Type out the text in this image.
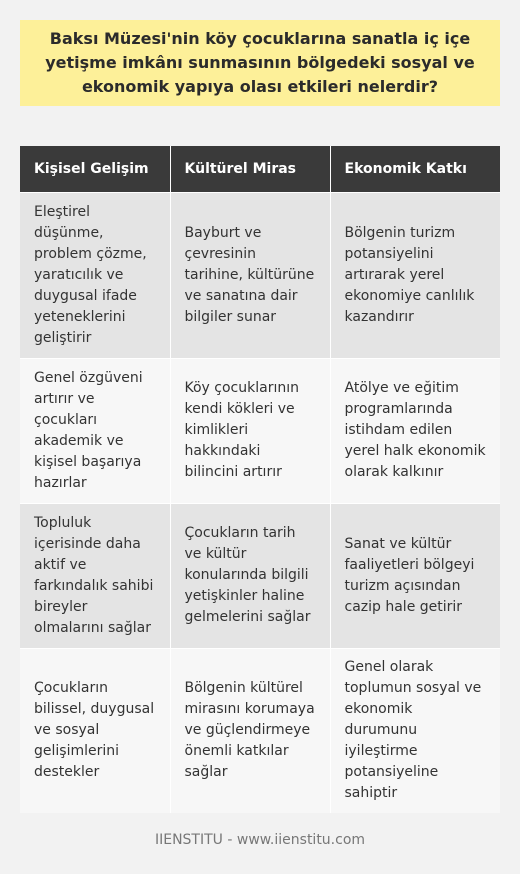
Baksı Müzesi'nin köy çocuklarına sanatla iç içe yetişme imkânı sunmasının bölgedeki sosyal ve ekonomik yapıya olası etkileri nelerdir?
Kişisel Gelişim	Kültürel Miras	Ekonomik Katkı
Eleştirel düşünme, problem çözme, yaratıcılık ve duygusal ifade yeteneklerini geliştirir	Bayburt ve çevresinin tarihine, kültürüne ve sanatına dair bilgiler sunar	Bölgenin turizm potansiyelini artırarak yerel ekonomiye canlılık kazandırır
Genel özgüveni artırır ve çocukları akademik ve kişisel başarıya hazırlar	Köy çocuklarının kendi kökleri ve kimlikleri hakkındaki bilincini artırır	Atölye ve eğitim programlarında istihdam edilen yerel halk ekonomik olarak kalkınır
Topluluk içerisinde daha aktif ve farkındalık sahibi bireyler olmalarını sağlar	Çocukların tarih ve kültür konularında bilgili yetişkinler haline gelmelerini sağlar	Sanat ve kültür faaliyetleri bölgeyi turizm açısından cazip hale getirir
Çocukların bilissel, duygusal ve sosyal gelişimlerini destekler	Bölgenin kültürel mirasını korumaya ve güçlendirmeye önemli katkılar sağlar	Genel olarak toplumun sosyal ve ekonomik durumunu iyileştirme potansiyeline sahiptir
IIENSTITU - www.iienstitu.com
